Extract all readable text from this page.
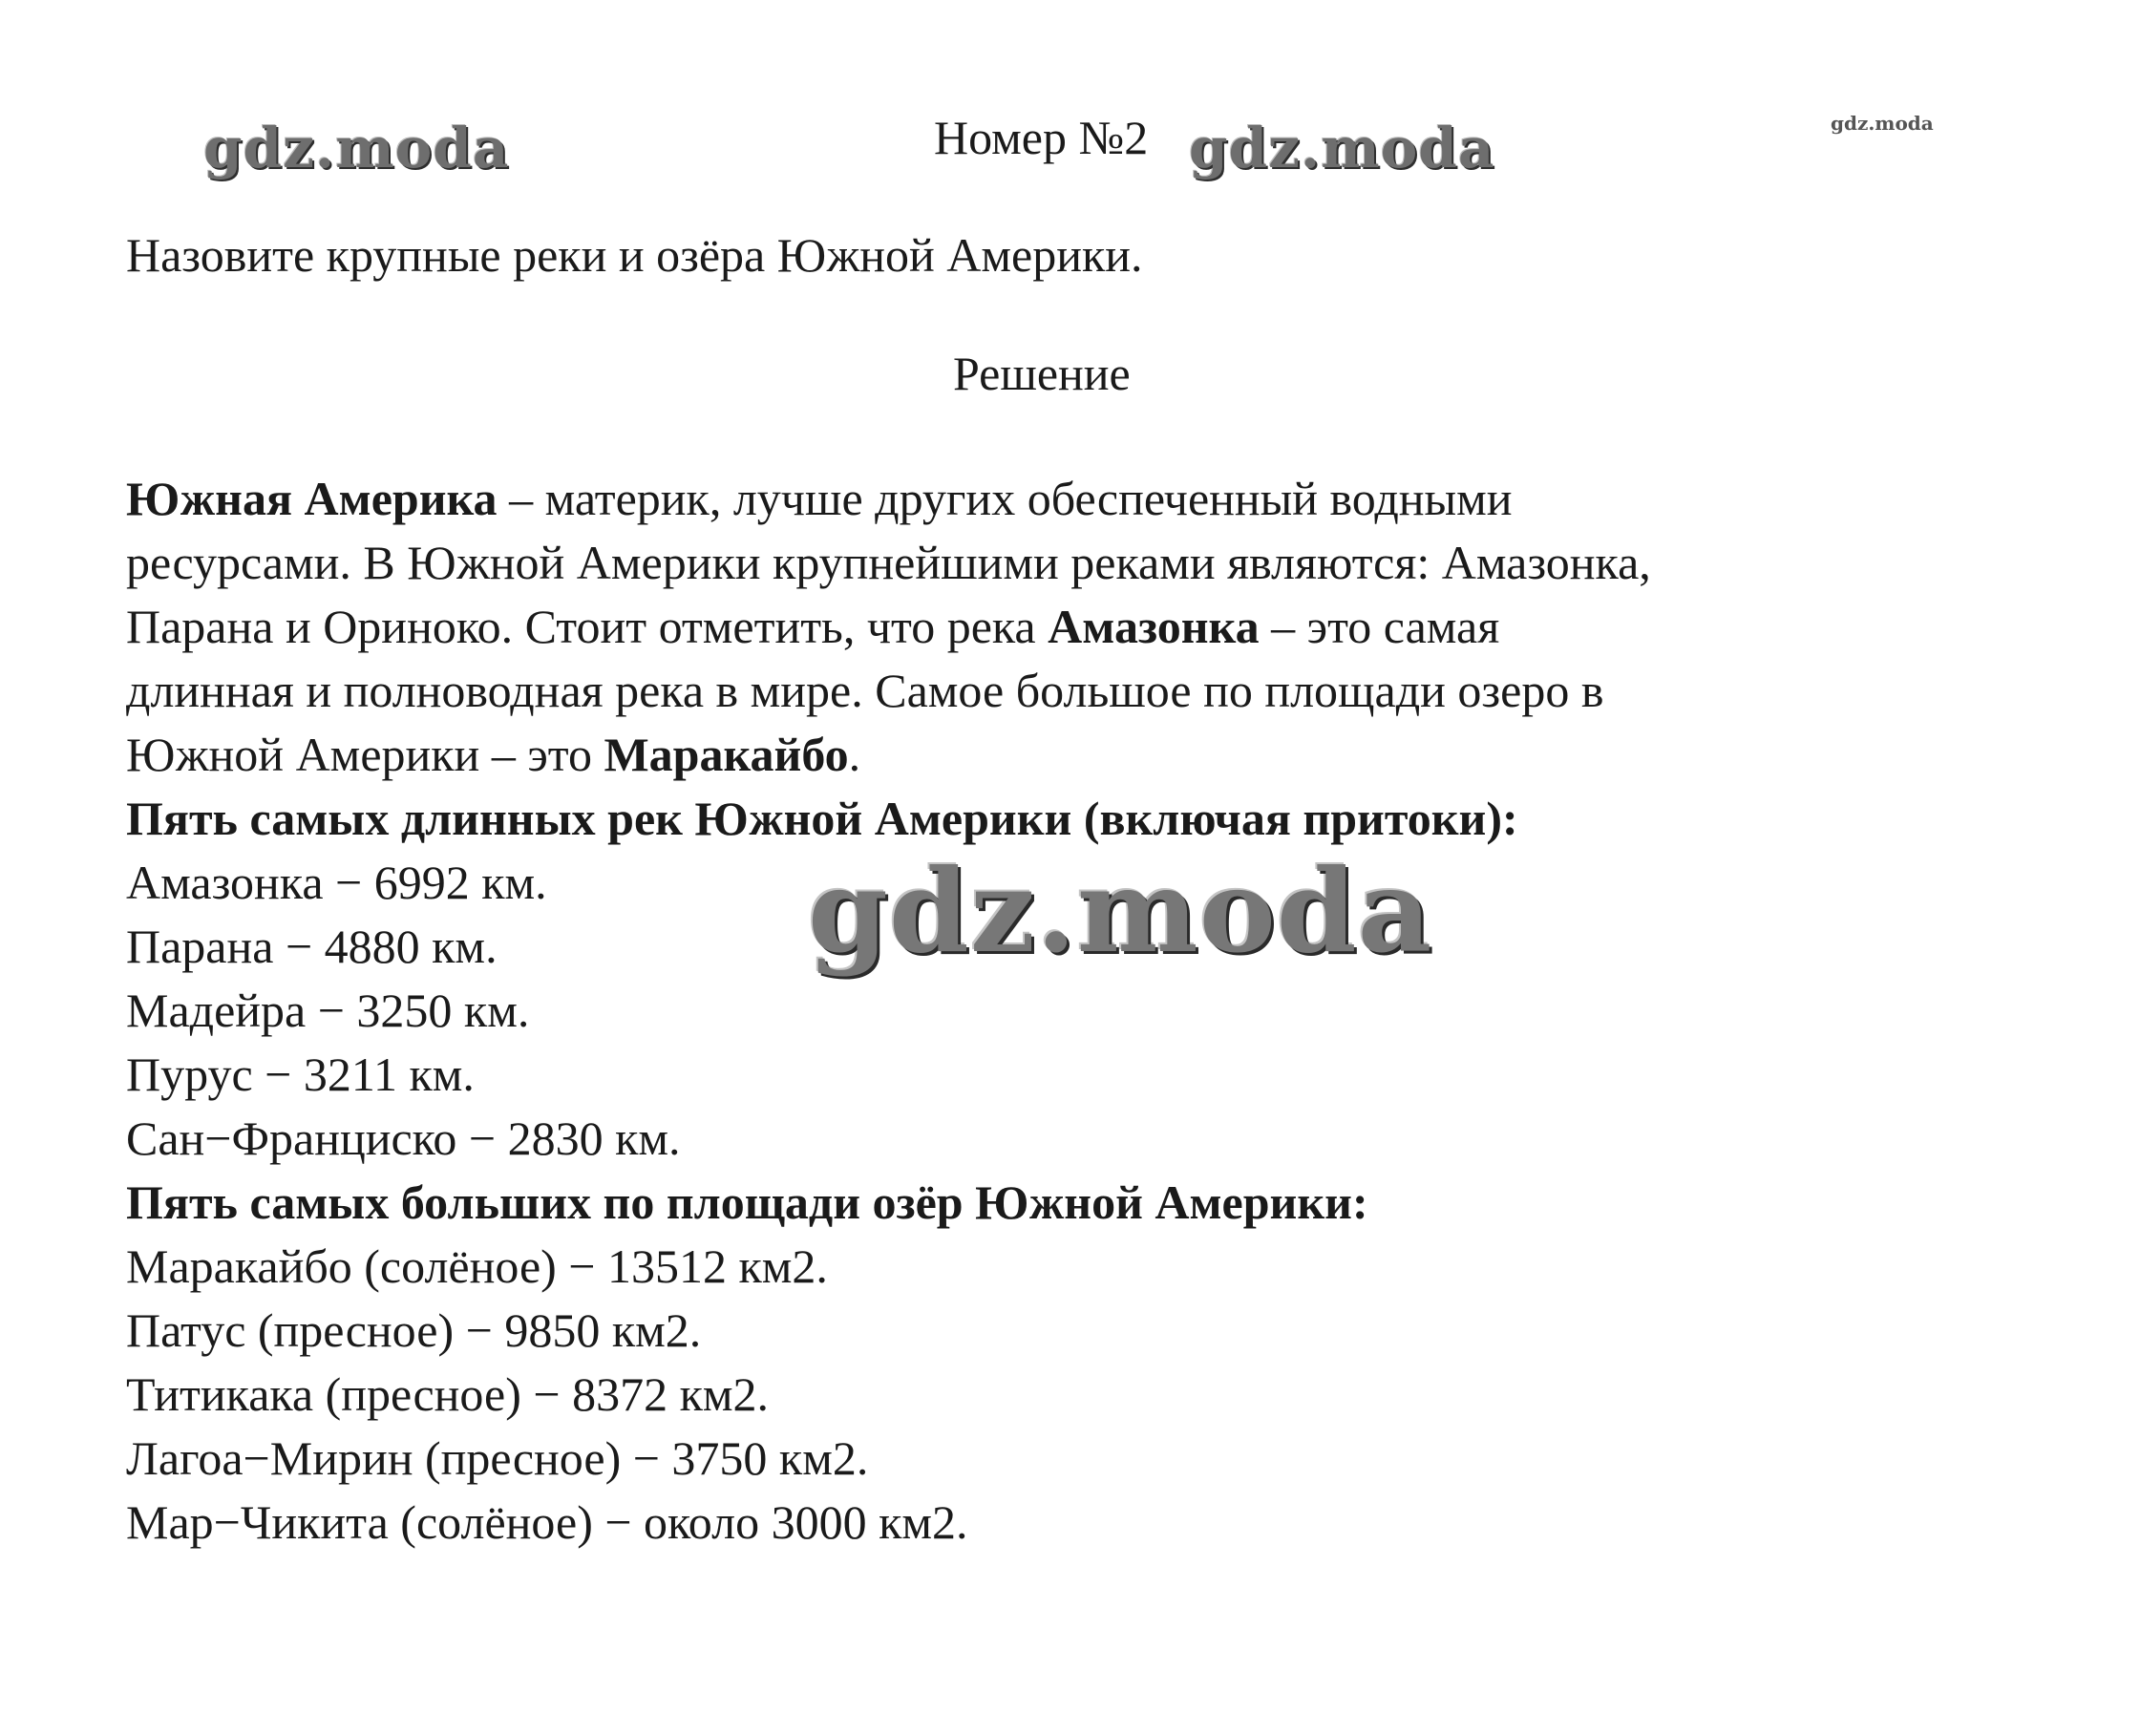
gdz.moda	gdz.moda	gdz.moda
Номер №2
Назовите крупные реки и озёра Южной Америки.
Решение
Южная Америка – материк, лучше других обеспеченный водными
ресурсами. В Южной Америки крупнейшими реками являются: Амазонка,
Парана и Ориноко. Стоит отметить, что река Амазонка – это самая
длинная и полноводная река в мире. Самое большое по площади озеро в
Южной Америки – это Маракайбо.
Пять самых длинных рек Южной Америки (включая притоки):
Амазонка − 6992 км.
Парана − 4880 км.
Мадейра − 3250 км.
Пурус − 3211 км.
Сан−Франциско − 2830 км.
Пять самых больших по площади озёр Южной Америки:
Маракайбо (солёное) − 13512 км2.
Патус (пресное) − 9850 км2.
Титикака (пресное) − 8372 км2.
Лагоа−Мирин (пресное) − 3750 км2.
Мар−Чикита (солёное) − около 3000 км2.
gdz.moda
